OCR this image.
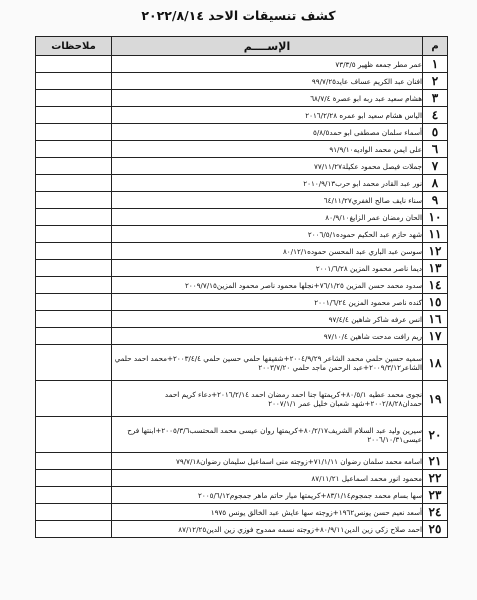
كشف تنسيقات الاحد ٢٠٢٢/٨/١٤
م	الإســــم	ملاحظات
١	عمر مطر جمعه ظهير ٧٣/٣/٥	
٢	افنان عبد الكريم عساف عايد٩٩/٧/٢٥	
٣	هشام سعيد عبد ربه ابو عصرة ٦٨/٧/٤	
٤	الياس هشام سعيد ابو عمره ٢٠١٦/٢/٢٨	
٥	أسماء سلمان مصطفى ابو حمد٥/٨/٥	
٦	على ايمن محمد الواديه٩١/٩/١٠	
٧	جملات فيصل محمود عكيلة٧٧/١١/٢٧	
٨	نور عبد القادر محمد ابو حرب٢٠١٠/٩/١٣	
٩	سناء نايف صالح الغفري٦٤/١١/٢٧	
١٠	الحان رمضان عمر الزايغ٨٠/٩/١٠	
١١	شهد حازم عبد الحكيم حموده٢٠٠٦/٥/١	
١٢	سوسن عبد الباري عبد المحسن حموده٨٠/١٢/١	
١٣	ديما ناصر محمود المزين ٢٠٠١/٦/٢٨	
١٤	سدود محمد حسن المزين ٧٦/١/٢٥+نجلها محمود ناصر محمود المزين٢٠٠٩/٧/١٥	
١٥	كنده ناصر محمود المزين ٢٠٠١/٦/٢٤	
١٦	انس عرفه شاكر شاهين ٩٧/٤/٤	
١٧	ريم رافت مدحت شاهين ٩٧/١٠/٤	
١٨	سميه حسين حلمي محمد الشاعر ٢٠٠٤/٩/٢٩+شقيقها حلمي حسين حلمي ٢٠٠٣/٤/٤+محمد احمد حلمي الشاعر٢٠٠٩/٣/١٢+عبد الرحمن ماجد حلمي ٢٠٠٣/٧/٢٠	
١٩	نجوى محمد عطيه ٨٠/٥/١+كريمتها جنا احمد رمضان احمد ٢٠١٦/٢/١٤+دعاء كريم احمد حمدان٢٠٠٢/٨/٢٨+شهد شعبان خليل عمر ٢٠٠٧/١/١	
٢٠	سيرين وليد عبد السلام الشريف٨٠/٢/١٧+كريمتها روان عيسى محمد المحتسب٢٠٠٥/٣/٦+ابنتها فرح عيسى٢٠٠٦/١٠/٣١	
٢١	اسامه محمد سلمان رضوان ٧١/١/١١+زوجته منى اسماعيل سليمان رضوان٧٩/٧/١٨	
٢٢	محمود انور محمد اسماعيل ٨٧/١١/٢١	
٢٣	سها بسام محمد جمجوم٨٣/١/١٤+كريمتها ميار حاتم ماهر جمجوم٢٠٠٥/٦/١٢	
٢٤	أسعد نعيم حسن يونس١٩٦٢+زوجته سها عايش عبد الخالق يونس ١٩٧٥	
٢٥	احمد صلاح زكي زين الدين٨٠/٩/١١+زوجته نسمه ممدوح فوزي زين الدين٨٧/١٢/٢٥	
